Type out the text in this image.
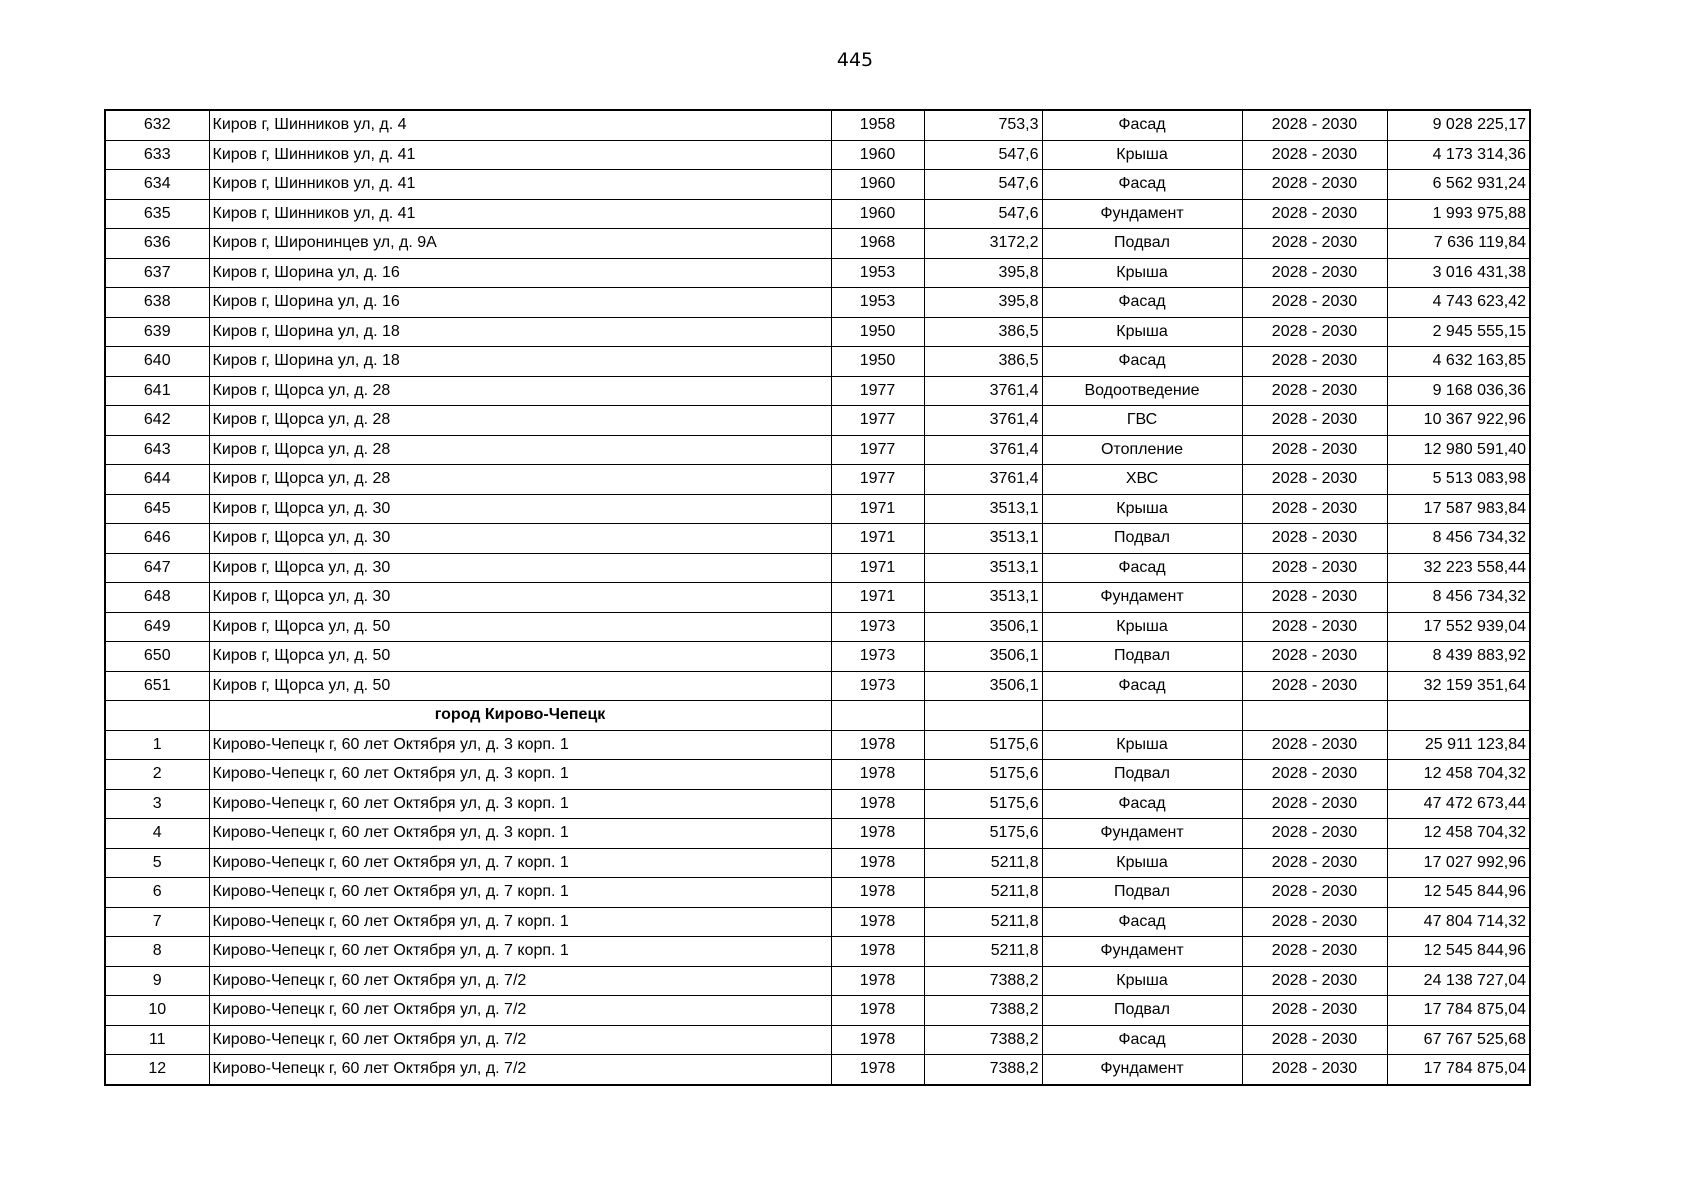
445
632	Киров г, Шинников ул, д. 4	1958	753,3	Фасад	2028 - 2030	9 028 225,17
633	Киров г, Шинников ул, д. 41	1960	547,6	Крыша	2028 - 2030	4 173 314,36
634	Киров г, Шинников ул, д. 41	1960	547,6	Фасад	2028 - 2030	6 562 931,24
635	Киров г, Шинников ул, д. 41	1960	547,6	Фундамент	2028 - 2030	1 993 975,88
636	Киров г, Широнинцев ул, д. 9А	1968	3172,2	Подвал	2028 - 2030	7 636 119,84
637	Киров г, Шорина ул, д. 16	1953	395,8	Крыша	2028 - 2030	3 016 431,38
638	Киров г, Шорина ул, д. 16	1953	395,8	Фасад	2028 - 2030	4 743 623,42
639	Киров г, Шорина ул, д. 18	1950	386,5	Крыша	2028 - 2030	2 945 555,15
640	Киров г, Шорина ул, д. 18	1950	386,5	Фасад	2028 - 2030	4 632 163,85
641	Киров г, Щорса ул, д. 28	1977	3761,4	Водоотведение	2028 - 2030	9 168 036,36
642	Киров г, Щорса ул, д. 28	1977	3761,4	ГВС	2028 - 2030	10 367 922,96
643	Киров г, Щорса ул, д. 28	1977	3761,4	Отопление	2028 - 2030	12 980 591,40
644	Киров г, Щорса ул, д. 28	1977	3761,4	ХВС	2028 - 2030	5 513 083,98
645	Киров г, Щорса ул, д. 30	1971	3513,1	Крыша	2028 - 2030	17 587 983,84
646	Киров г, Щорса ул, д. 30	1971	3513,1	Подвал	2028 - 2030	8 456 734,32
647	Киров г, Щорса ул, д. 30	1971	3513,1	Фасад	2028 - 2030	32 223 558,44
648	Киров г, Щорса ул, д. 30	1971	3513,1	Фундамент	2028 - 2030	8 456 734,32
649	Киров г, Щорса ул, д. 50	1973	3506,1	Крыша	2028 - 2030	17 552 939,04
650	Киров г, Щорса ул, д. 50	1973	3506,1	Подвал	2028 - 2030	8 439 883,92
651	Киров г, Щорса ул, д. 50	1973	3506,1	Фасад	2028 - 2030	32 159 351,64
	город Кирово-Чепецк					
1	Кирово-Чепецк г, 60 лет Октября ул, д. 3 корп. 1	1978	5175,6	Крыша	2028 - 2030	25 911 123,84
2	Кирово-Чепецк г, 60 лет Октября ул, д. 3 корп. 1	1978	5175,6	Подвал	2028 - 2030	12 458 704,32
3	Кирово-Чепецк г, 60 лет Октября ул, д. 3 корп. 1	1978	5175,6	Фасад	2028 - 2030	47 472 673,44
4	Кирово-Чепецк г, 60 лет Октября ул, д. 3 корп. 1	1978	5175,6	Фундамент	2028 - 2030	12 458 704,32
5	Кирово-Чепецк г, 60 лет Октября ул, д. 7 корп. 1	1978	5211,8	Крыша	2028 - 2030	17 027 992,96
6	Кирово-Чепецк г, 60 лет Октября ул, д. 7 корп. 1	1978	5211,8	Подвал	2028 - 2030	12 545 844,96
7	Кирово-Чепецк г, 60 лет Октября ул, д. 7 корп. 1	1978	5211,8	Фасад	2028 - 2030	47 804 714,32
8	Кирово-Чепецк г, 60 лет Октября ул, д. 7 корп. 1	1978	5211,8	Фундамент	2028 - 2030	12 545 844,96
9	Кирово-Чепецк г, 60 лет Октября ул, д. 7/2	1978	7388,2	Крыша	2028 - 2030	24 138 727,04
10	Кирово-Чепецк г, 60 лет Октября ул, д. 7/2	1978	7388,2	Подвал	2028 - 2030	17 784 875,04
11	Кирово-Чепецк г, 60 лет Октября ул, д. 7/2	1978	7388,2	Фасад	2028 - 2030	67 767 525,68
12	Кирово-Чепецк г, 60 лет Октября ул, д. 7/2	1978	7388,2	Фундамент	2028 - 2030	17 784 875,04
